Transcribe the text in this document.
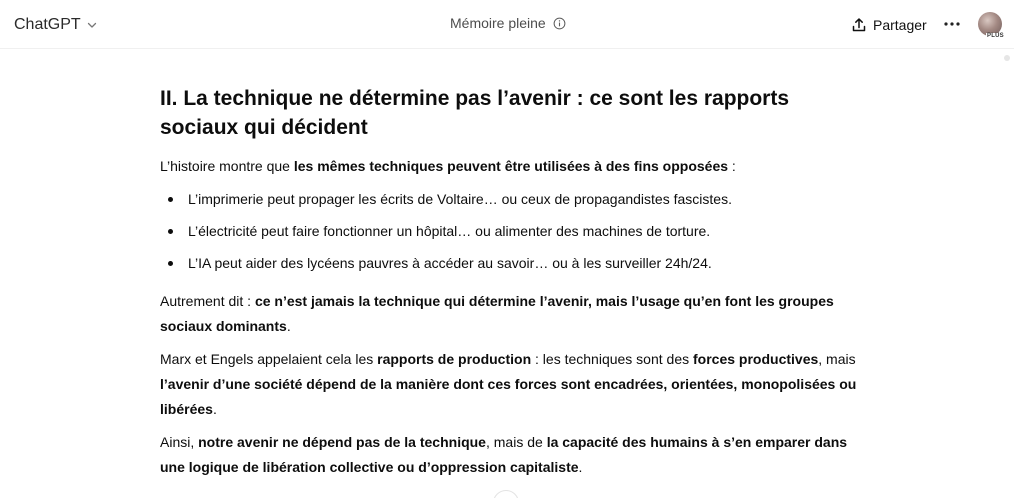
ChatGPT	Mémoire pleine	Partager
PLUS
II. La technique ne détermine pas l’avenir : ce sont les rapports sociaux qui décident

L’histoire montre que les mêmes techniques peuvent être utilisées à des fins opposées :

L’imprimerie peut propager les écrits de Voltaire… ou ceux de propagandistes fascistes.
L’électricité peut faire fonctionner un hôpital… ou alimenter des machines de torture.
L’IA peut aider des lycéens pauvres à accéder au savoir… ou à les surveiller 24h/24.

Autrement dit : ce n’est jamais la technique qui détermine l’avenir, mais l’usage qu’en font les groupes sociaux dominants.

Marx et Engels appelaient cela les rapports de production : les techniques sont des forces productives, mais l’avenir d’une société dépend de la manière dont ces forces sont encadrées, orientées, monopolisées ou libérées.

Ainsi, notre avenir ne dépend pas de la technique, mais de la capacité des humains à s’en emparer dans une logique de libération collective ou d’oppression capitaliste.
